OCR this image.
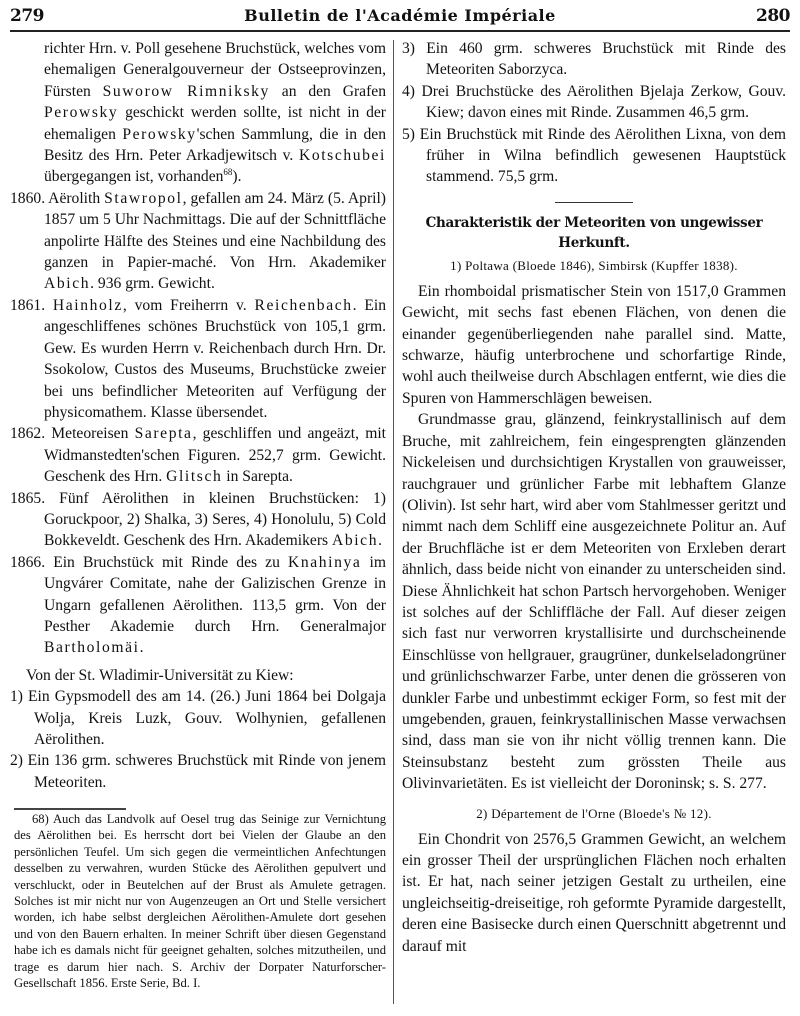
279	Bulletin de l'Académie Impériale	280

richter Hrn. v. Poll gesehene Bruchstück, welches vom ehemaligen Generalgouverneur der Ostseeprovinzen, Fürsten Suworow Rimniksky an den Grafen Perowsky geschickt werden sollte, ist nicht in der ehemaligen Perowsky'schen Sammlung, die in den Besitz des Hrn. Peter Arkadjewitsch v. Kotschubei übergegangen ist, vorhanden$^{68}$).

1860. Aërolith Stawropol, gefallen am 24. März (5. April) 1857 um 5 Uhr Nachmittags. Die auf der Schnittfläche anpolirte Hälfte des Steines und eine Nachbildung des ganzen in Papier-maché. Von Hrn. Akademiker Abich. 936 grm. Gewicht.

1861. Hainholz, vom Freiherrn v. Reichenbach. Ein angeschliffenes schönes Bruchstück von 105,1 grm. Gew. Es wurden Herrn v. Reichenbach durch Hrn. Dr. Ssokolow, Custos des Museums, Bruchstücke zweier bei uns befindlicher Meteoriten auf Verfügung der physicomathem. Klasse übersendet.

1862. Meteoreisen Sarepta, geschliffen und angeäzt, mit Widmanstedten'schen Figuren. 252,7 grm. Gewicht. Geschenk des Hrn. Glitsch in Sarepta.

1865. Fünf Aërolithen in kleinen Bruchstücken: 1) Goruckpoor, 2) Shalka, 3) Seres, 4) Honolulu, 5) Cold Bokkeveldt. Geschenk des Hrn. Akademikers Abich.

1866. Ein Bruchstück mit Rinde des zu Knahinya im Ungvárer Comitate, nahe der Galizischen Grenze in Ungarn gefallenen Aërolithen. 113,5 grm. Von der Pesther Akademie durch Hrn. Generalmajor Bartholomäi.

Von der St. Wladimir-Universität zu Kiew:

1) Ein Gypsmodell des am 14. (26.) Juni 1864 bei Dolgaja Wolja, Kreis Luzk, Gouv. Wolhynien, gefallenen Aërolithen.

2) Ein 136 grm. schweres Bruchstück mit Rinde von jenem Meteoriten.

68) Auch das Landvolk auf Oesel trug das Seinige zur Vernichtung des Aërolithen bei. Es herrscht dort bei Vielen der Glaube an den persönlichen Teufel. Um sich gegen die vermeintlichen Anfechtungen desselben zu verwahren, wurden Stücke des Aërolithen gepulvert und verschluckt, oder in Beutelchen auf der Brust als Amulete getragen. Solches ist mir nicht nur von Augenzeugen an Ort und Stelle versichert worden, ich habe selbst dergleichen Aërolithen-Amulete dort gesehen und von den Bauern erhalten. In meiner Schrift über diesen Gegenstand habe ich es damals nicht für geeignet gehalten, solches mitzutheilen, und trage es darum hier nach. S. Archiv der Dorpater Naturforscher-Gesellschaft 1856. Erste Serie, Bd. I.

3) Ein 460 grm. schweres Bruchstück mit Rinde des Meteoriten Saborzyca.

4) Drei Bruchstücke des Aërolithen Bjelaja Zerkow, Gouv. Kiew; davon eines mit Rinde. Zusammen 46,5 grm.

5) Ein Bruchstück mit Rinde des Aërolithen Lixna, von dem früher in Wilna befindlich gewesenen Hauptstück stammend. 75,5 grm.

Charakteristik der Meteoriten von ungewisser Herkunft.
1) Poltawa (Bloede 1846), Simbirsk (Kupffer 1838).

Ein rhomboidal prismatischer Stein von 1517,0 Grammen Gewicht, mit sechs fast ebenen Flächen, von denen die einander gegenüberliegenden nahe parallel sind. Matte, schwarze, häufig unterbrochene und schorfartige Rinde, wohl auch theilweise durch Abschlagen entfernt, wie dies die Spuren von Hammerschlägen beweisen.

Grundmasse grau, glänzend, feinkrystallinisch auf dem Bruche, mit zahlreichem, fein eingesprengten glänzenden Nickeleisen und durchsichtigen Krystallen von grauweisser, rauchgrauer und grünlicher Farbe mit lebhaftem Glanze (Olivin). Ist sehr hart, wird aber vom Stahlmesser geritzt und nimmt nach dem Schliff eine ausgezeichnete Politur an. Auf der Bruchfläche ist er dem Meteoriten von Erxleben derart ähnlich, dass beide nicht von einander zu unterscheiden sind. Diese Ähnlichkeit hat schon Partsch hervorgehoben. Weniger ist solches auf der Schliffläche der Fall. Auf dieser zeigen sich fast nur verworren krystallisirte und durchscheinende Einschlüsse von hellgrauer, graugrüner, dunkelseladongrüner und grünlichschwarzer Farbe, unter denen die grösseren von dunkler Farbe und unbestimmt eckiger Form, so fest mit der umgebenden, grauen, feinkrystallinischen Masse verwachsen sind, dass man sie von ihr nicht völlig trennen kann. Die Steinsubstanz besteht zum grössten Theile aus Olivinvarietäten. Es ist vielleicht der Doroninsk; s. S. 277.

2) Département de l'Orne (Bloede's № 12).

Ein Chondrit von 2576,5 Grammen Gewicht, an welchem ein grosser Theil der ursprünglichen Flächen noch erhalten ist. Er hat, nach seiner jetzigen Gestalt zu urtheilen, eine ungleichseitig-dreiseitige, roh geformte Pyramide dargestellt, deren eine Basisecke durch einen Querschnitt abgetrennt und darauf mit
